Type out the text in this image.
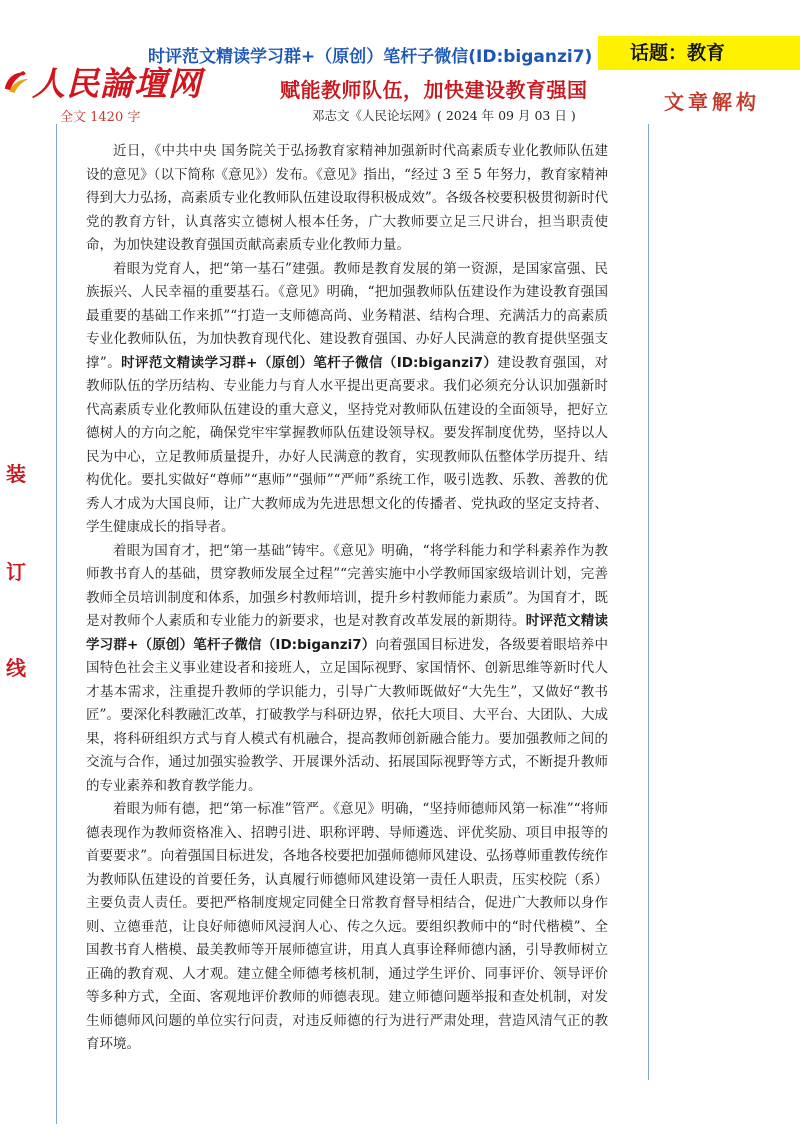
时评范文精读学习群+（原创）笔杆子微信(ID:biganzi7)	话题：教育
人民論壇网
全文 1420 字
赋能教师队伍，加快建设教育强国
邓志文《人民论坛网》( 2024 年 09 月 03 日 )
文章解构
装
订
线

近日，《中共中央 国务院关于弘扬教育家精神加强新时代高素质专业化教师队伍建设的意见》（以下简称《意见》）发布。《意见》指出，“经过 3 至 5 年努力，教育家精神得到大力弘扬，高素质专业化教师队伍建设取得积极成效”。各级各校要积极贯彻新时代党的教育方针，认真落实立德树人根本任务，广大教师要立足三尺讲台，担当职责使命，为加快建设教育强国贡献高素质专业化教师力量。

着眼为党育人，把“第一基石”建强。教师是教育发展的第一资源，是国家富强、民族振兴、人民幸福的重要基石。《意见》明确，“把加强教师队伍建设作为建设教育强国最重要的基础工作来抓”“打造一支师德高尚、业务精湛、结构合理、充满活力的高素质专业化教师队伍，为加快教育现代化、建设教育强国、办好人民满意的教育提供坚强支撑”。时评范文精读学习群+（原创）笔杆子微信（ID:biganzi7）建设教育强国，对教师队伍的学历结构、专业能力与育人水平提出更高要求。我们必须充分认识加强新时代高素质专业化教师队伍建设的重大意义，坚持党对教师队伍建设的全面领导，把好立德树人的方向之舵，确保党牢牢掌握教师队伍建设领导权。要发挥制度优势，坚持以人民为中心，立足教师质量提升，办好人民满意的教育，实现教师队伍整体学历提升、结构优化。要扎实做好“尊师”“惠师”“强师”“严师”系统工作，吸引选教、乐教、善教的优秀人才成为大国良师，让广大教师成为先进思想文化的传播者、党执政的坚定支持者、学生健康成长的指导者。

着眼为国育才，把“第一基础”铸牢。《意见》明确，“将学科能力和学科素养作为教师教书育人的基础，贯穿教师发展全过程”“完善实施中小学教师国家级培训计划，完善教师全员培训制度和体系，加强乡村教师培训，提升乡村教师能力素质”。为国育才，既是对教师个人素质和专业能力的新要求，也是对教育改革发展的新期待。时评范文精读学习群+（原创）笔杆子微信（ID:biganzi7）向着强国目标进发，各级要着眼培养中国特色社会主义事业建设者和接班人，立足国际视野、家国情怀、创新思维等新时代人才基本需求，注重提升教师的学识能力，引导广大教师既做好“大先生”，又做好“教书匠”。要深化科教融汇改革，打破教学与科研边界，依托大项目、大平台、大团队、大成果，将科研组织方式与育人模式有机融合，提高教师创新融合能力。要加强教师之间的交流与合作，通过加强实验教学、开展课外活动、拓展国际视野等方式，不断提升教师的专业素养和教育教学能力。

着眼为师有德，把“第一标准”管严。《意见》明确，“坚持师德师风第一标准”“将师德表现作为教师资格准入、招聘引进、职称评聘、导师遴选、评优奖励、项目申报等的首要要求”。向着强国目标进发，各地各校要把加强师德师风建设、弘扬尊师重教传统作为教师队伍建设的首要任务，认真履行师德师风建设第一责任人职责，压实校院（系）主要负责人责任。要把严格制度规定同健全日常教育督导相结合，促进广大教师以身作则、立德垂范，让良好师德师风浸润人心、传之久远。要组织教师中的“时代楷模”、全国教书育人楷模、最美教师等开展师德宣讲，用真人真事诠释师德内涵，引导教师树立正确的教育观、人才观。建立健全师德考核机制，通过学生评价、同事评价、领导评价等多种方式，全面、客观地评价教师的师德表现。建立师德问题举报和查处机制，对发生师德师风问题的单位实行问责，对违反师德的行为进行严肃处理，营造风清气正的教育环境。
